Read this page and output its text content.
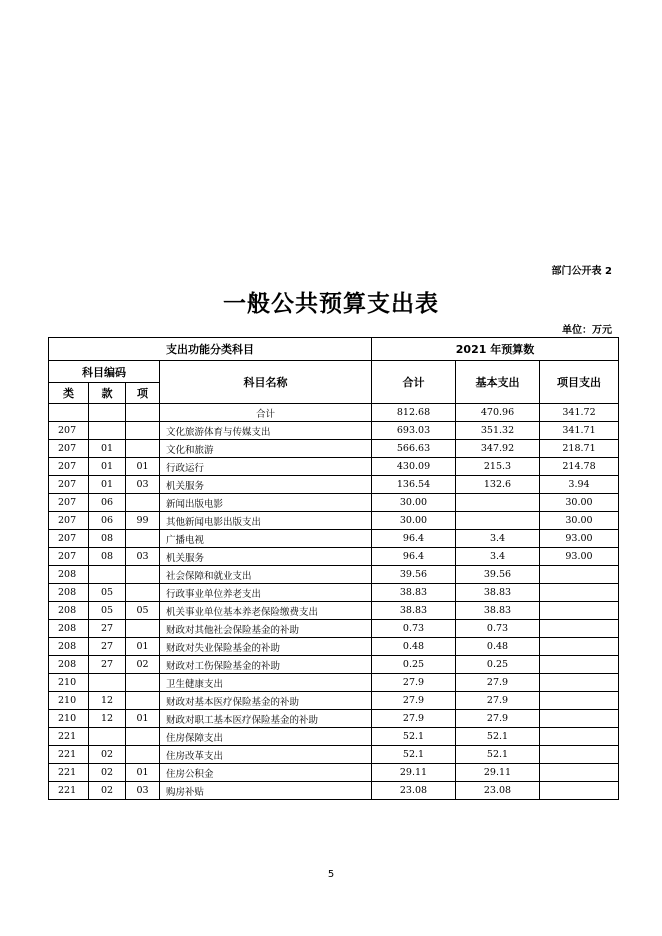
部门公开表 2
一般公共预算支出表
单位：万元
支出功能分类科目				2021 年预算数		
科目编码			科目名称	合计	基本支出	项目支出
类	款	项				
			合计	812.68	470.96	341.72
207			文化旅游体育与传媒支出	693.03	351.32	341.71
207	01		文化和旅游	566.63	347.92	218.71
207	01	01	行政运行	430.09	215.3	214.78
207	01	03	机关服务	136.54	132.6	3.94
207	06		新闻出版电影	30.00		30.00
207	06	99	其他新闻电影出版支出	30.00		30.00
207	08		广播电视	96.4	3.4	93.00
207	08	03	机关服务	96.4	3.4	93.00
208			社会保障和就业支出	39.56	39.56	
208	05		行政事业单位养老支出	38.83	38.83	
208	05	05	机关事业单位基本养老保险缴费支出	38.83	38.83	
208	27		财政对其他社会保险基金的补助	0.73	0.73	
208	27	01	财政对失业保险基金的补助	0.48	0.48	
208	27	02	财政对工伤保险基金的补助	0.25	0.25	
210			卫生健康支出	27.9	27.9	
210	12		财政对基本医疗保险基金的补助	27.9	27.9	
210	12	01	财政对职工基本医疗保险基金的补助	27.9	27.9	
221			住房保障支出	52.1	52.1	
221	02		住房改革支出	52.1	52.1	
221	02	01	住房公积金	29.11	29.11	
221	02	03	购房补贴	23.08	23.08	
5
